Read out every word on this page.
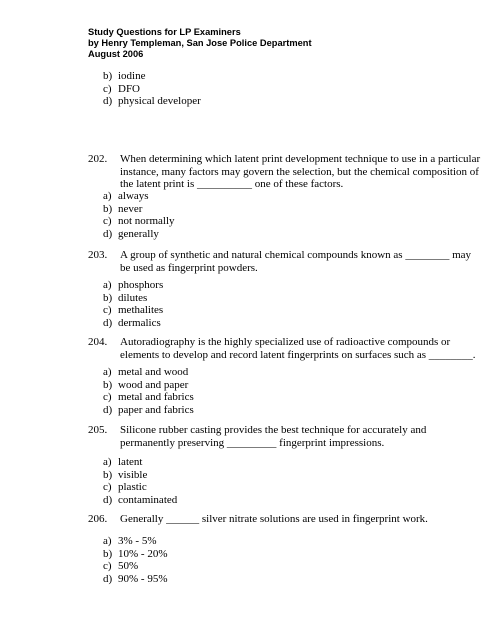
Study Questions for LP Examiners
by Henry Templeman, San Jose Police Department
August 2006
b) iodine
c) DFO
d) physical developer
202. When determining which latent print development technique to use in a particular
instance, many factors may govern the selection, but the chemical composition of
the latent print is __________ one of these factors.
a) always
b) never
c) not normally
d) generally
203. A group of synthetic and natural chemical compounds known as ________ may
be used as fingerprint powders.
a) phosphors
b) dilutes
c) methalites
d) dermalics
204. Autoradiography is the highly specialized use of radioactive compounds or
elements to develop and record latent fingerprints on surfaces such as ________.
a) metal and wood
b) wood and paper
c) metal and fabrics
d) paper and fabrics
205. Silicone rubber casting provides the best technique for accurately and
permanently preserving _________ fingerprint impressions.
a) latent
b) visible
c) plastic
d) contaminated
206. Generally ______ silver nitrate solutions are used in fingerprint work.
a) 3% - 5%
b) 10% - 20%
c) 50%
d) 90% - 95%
